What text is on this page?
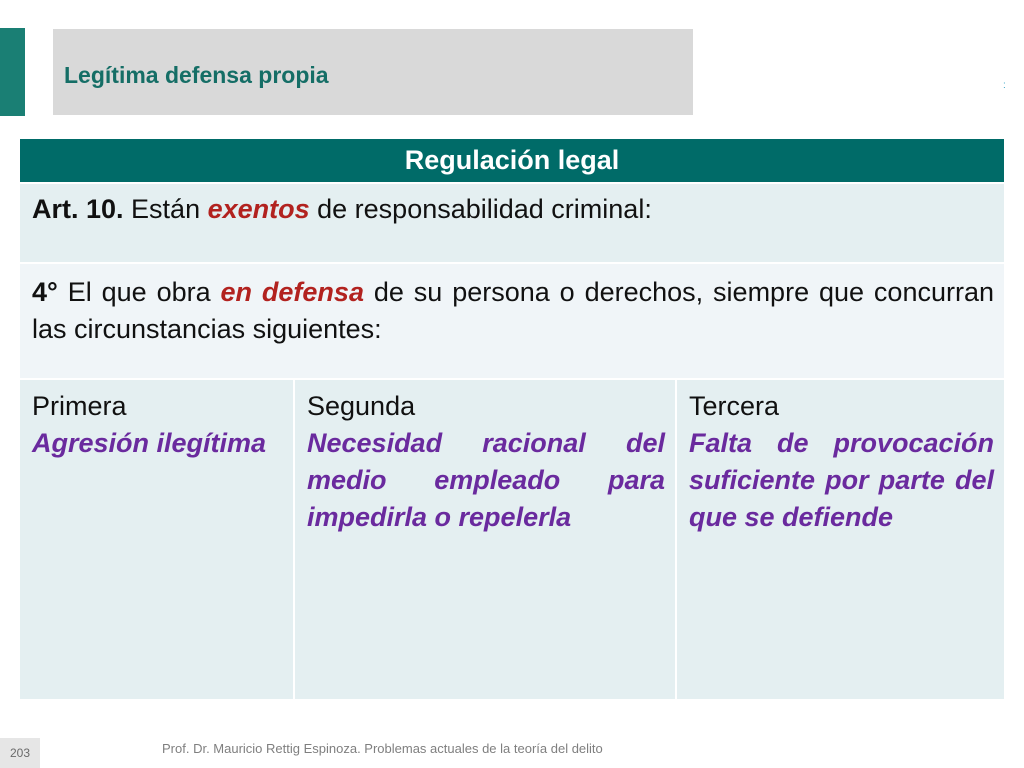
Legítima defensa propia	:
Regulación legal
Art. 10. Están exentos de responsabilidad criminal:
4° El que obra en defensa de su persona o derechos, siempre que concurran las circunstancias siguientes:
Primera
Agresión ilegítima
Segunda
Necesidad racional del medio empleado para impedirla o repelerla
Tercera
Falta de provocación suficiente por parte del que se defiende
203	Prof. Dr. Mauricio Rettig Espinoza. Problemas actuales de la teoría del delito
